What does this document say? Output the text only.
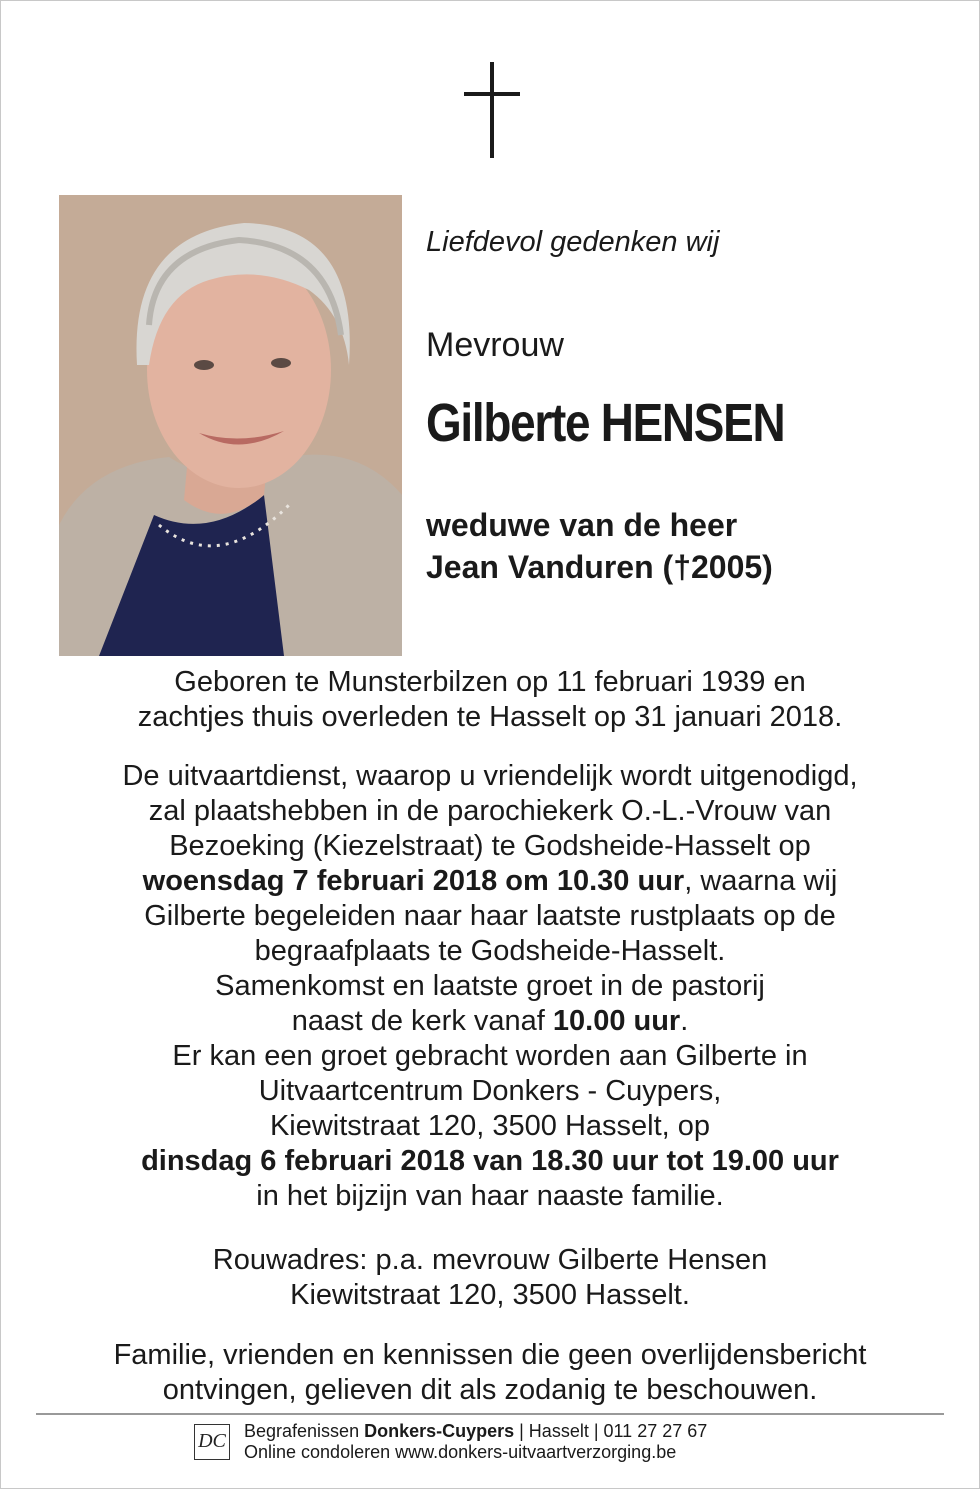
Liefdevol gedenken wij
Mevrouw
Gilberte HENSEN
weduwe van de heer
Jean Vanduren (†2005)

Geboren te Munsterbilzen op 11 februari 1939 en

zachtjes thuis overleden te Hasselt op 31 januari 2018.

De uitvaartdienst, waarop u vriendelijk wordt uitgenodigd,

zal plaatshebben in de parochiekerk O.-L.-Vrouw van

Bezoeking (Kiezelstraat) te Godsheide-Hasselt op

woensdag 7 februari 2018 om 10.30 uur, waarna wij

Gilberte begeleiden naar haar laatste rustplaats op de

begraafplaats te Godsheide-Hasselt.

Samenkomst en laatste groet in de pastorij

naast de kerk vanaf 10.00 uur.

Er kan een groet gebracht worden aan Gilberte in

Uitvaartcentrum Donkers - Cuypers,

Kiewitstraat 120, 3500 Hasselt, op

dinsdag 6 februari 2018 van 18.30 uur tot 19.00 uur

in het bijzijn van haar naaste familie.

Rouwadres: p.a. mevrouw Gilberte Hensen

Kiewitstraat 120, 3500 Hasselt.

Familie, vrienden en kennissen die geen overlijdensbericht

ontvingen, gelieven dit als zodanig te beschouwen.

DC Begrafenissen Donkers-Cuypers | Hasselt | 011 27 27 67
Online condoleren www.donkers-uitvaartverzorging.be
